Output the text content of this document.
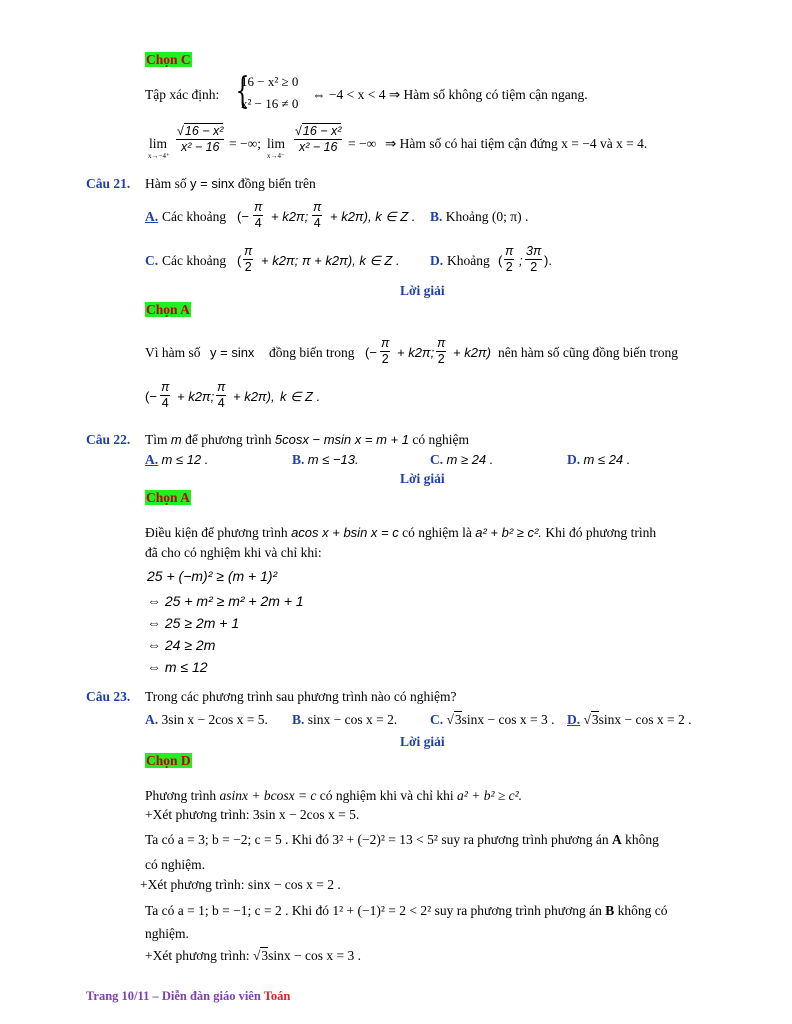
Chọn C
Tập xác định: {
16 − x² ≥ 0
x² − 16 ≠ 0
⇔ −4 < x < 4 ⇒ Hàm số không có tiệm cận ngang.
lim
x→−4⁺
$\frac{\text{√16 − x²}}{\text{x² − 16}}$ = −∞; lim
x→4⁻
$\frac{\text{√16 − x²}}{\text{x² − 16}}$ = −∞ ⇒ Hàm số có hai tiệm cận đứng x = −4 và x = 4.
Câu 21. Hàm số y = sinx đồng biến trên
A. Các khoảng (− $\frac{\pi}{4} + k2\pi$; $\frac{\pi}{4} + k2\pi$), k ∈ Z . B. Khoảng (0; π) .
C. Các khoảng ( $\frac{\pi}{2} + k2\pi$; π + k2π), k ∈ Z . D. Khoảng ( $\frac{\pi}{2}$ ; $\frac{3\pi}{2}$ ).
Lời giải
Chọn A
Vì hàm số y = sinx đồng biến trong (− $\frac{\pi}{2} + k2\pi$; $\frac{\pi}{2} + k2\pi$) nên hàm số cũng đồng biến trong
(− $\frac{\pi}{4} + k2\pi$; $\frac{\pi}{4} + k2\pi$), k ∈ Z .
Câu 22. Tìm m để phương trình 5cosx − msin x = m + 1 có nghiệm
A. m ≤ 12 .	B. m ≤ −13.	C. m ≥ 24 .	D. m ≤ 24 .
Lời giải
Chọn A
Điều kiện để phương trình acos x + bsin x = c có nghiệm là a² + b² ≥ c². Khi đó phương trình
đã cho có nghiệm khi và chỉ khi:
25 + (−m)² ≥ (m + 1)²
⇔ 25 + m² ≥ m² + 2m + 1
⇔ 25 ≥ 2m + 1
⇔ 24 ≥ 2m
⇔ m ≤ 12
Câu 23. Trong các phương trình sau phương trình nào có nghiệm?
A. 3sin x − 2cos x = 5. B. sinx − cos x = 2. C. √3sinx − cos x = 3 . D. √3sinx − cos x = 2 .
Lời giải
Chọn D
Phương trình asinx + bcosx = c có nghiệm khi và chỉ khi a² + b² ≥ c².
+Xét phương trình: 3sin x − 2cos x = 5.
Ta có a = 3; b = −2; c = 5 . Khi đó 3² + (−2)² = 13 < 5² suy ra phương trình phương án A không
có nghiệm.
+Xét phương trình: sinx − cos x = 2 .
Ta có a = 1; b = −1; c = 2 . Khi đó 1² + (−1)² = 2 < 2² suy ra phương trình phương án B không có
nghiệm.
+Xét phương trình: √3sinx − cos x = 3 .
Trang 10/11 – Diễn đàn giáo viên Toán
